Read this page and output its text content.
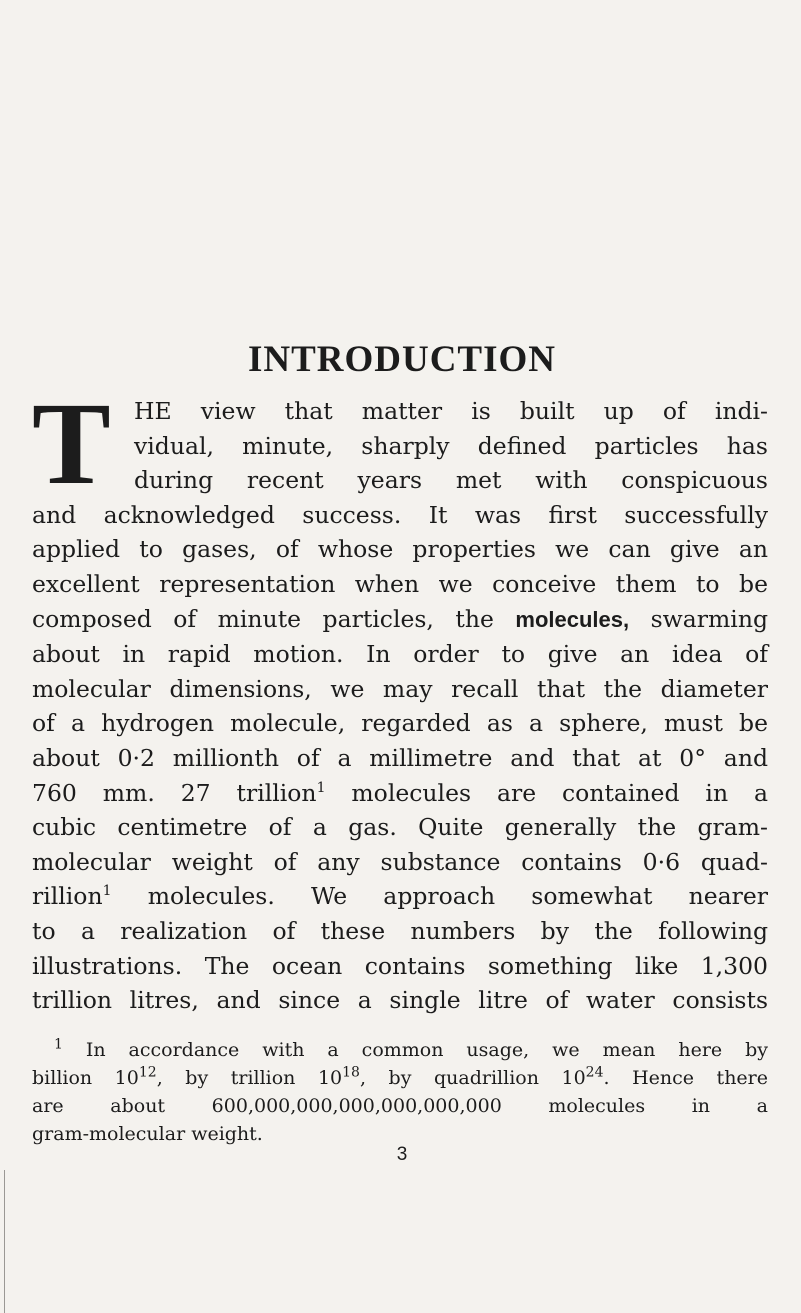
INTRODUCTION
T HE view that matter is built up of indi-
vidual, minute, sharply defined particles has
during recent years met with conspicuous
and acknowledged success. It was first successfully
applied to gases, of whose properties we can give an
excellent representation when we conceive them to be
composed of minute particles, the molecules, swarming
about in rapid motion. In order to give an idea of
molecular dimensions, we may recall that the diameter
of a hydrogen molecule, regarded as a sphere, must be
about 0·2 millionth of a millimetre and that at 0° and
760 mm. 27 trillion$^1$ molecules are contained in a
cubic centimetre of a gas. Quite generally the gram-
molecular weight of any substance contains 0·6 quad-
rillion$^1$ molecules. We approach somewhat nearer
to a realization of these numbers by the following
illustrations. The ocean contains something like 1,300
trillion litres, and since a single litre of water consists
$^1$ In accordance with a common usage, we mean here by
billion $10^{12}$, by trillion $10^{18}$, by quadrillion $10^{24}$. Hence there
are about 600,000,000,000,000,000,000 molecules in a
gram-molecular weight.
3
